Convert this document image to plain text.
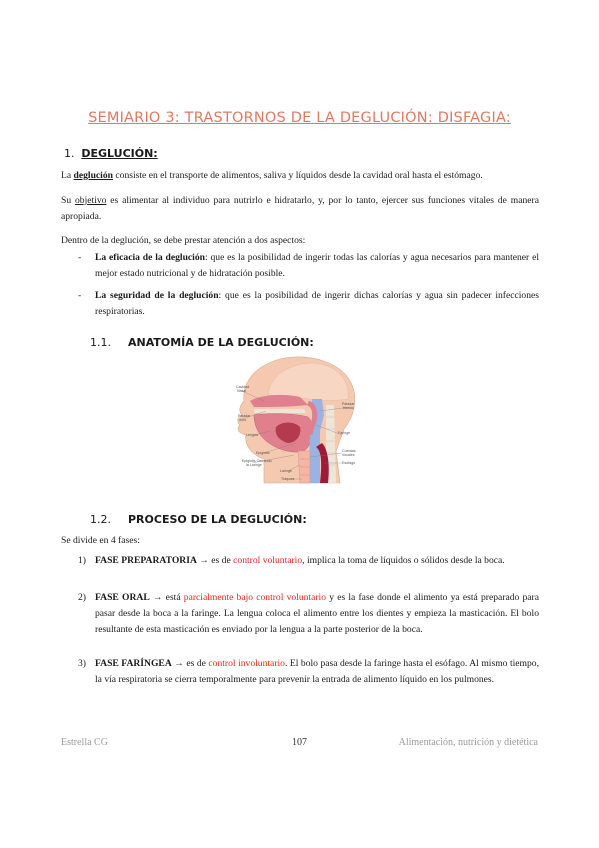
SEMIARIO 3: TRASTORNOS DE LA DEGLUCIÓN: DISFAGIA:
1. DEGLUCIÓN:

La deglución consiste en el transporte de alimentos, saliva y líquidos desde la cavidad oral hasta el estómago.

Su objetivo es alimentar al individuo para nutrirlo e hidratarlo, y, por lo tanto, ejercer sus funciones vitales de manera apropiada.

Dentro de la deglución, se debe prestar atención a dos aspectos:

- La eficacia de la deglución: que es la posibilidad de ingerir todas las calorías y agua necesarios para mantener el mejor estado nutricional y de hidratación posible.
- La seguridad de la deglución: que es la posibilidad de ingerir dichas calorías y agua sin padecer infecciones respiratorias.
1.1. ANATOMÍA DE LA DEGLUCIÓN:
Cavidad
Nasal
Paladar
duro
Paladar
blando
Lengua	Faringe
Epiglotis
Epiglotis Cerrando
la Laringe
Laringe
Cuerdas
Vocales
Esófago
Tráquea
1.2. PROCESO DE LA DEGLUCIÓN:

Se divide en 4 fases:

1) FASE PREPARATORIA → es de control voluntario, implica la toma de líquidos o sólidos desde la boca.
2) FASE ORAL → está parcialmente bajo control voluntario y es la fase donde el alimento ya está preparado para pasar desde la boca a la faringe. La lengua coloca el alimento entre los dientes y empieza la masticación. El bolo resultante de esta masticación es enviado por la lengua a la parte posterior de la boca.
3) FASE FARÍNGEA → es de control involuntario. El bolo pasa desde la faringe hasta el esófago. Al mismo tiempo, la vía respiratoria se cierra temporalmente para prevenir la entrada de alimento líquido en los pulmones.

Estrella CG	107	Alimentación, nutrición y dietética
